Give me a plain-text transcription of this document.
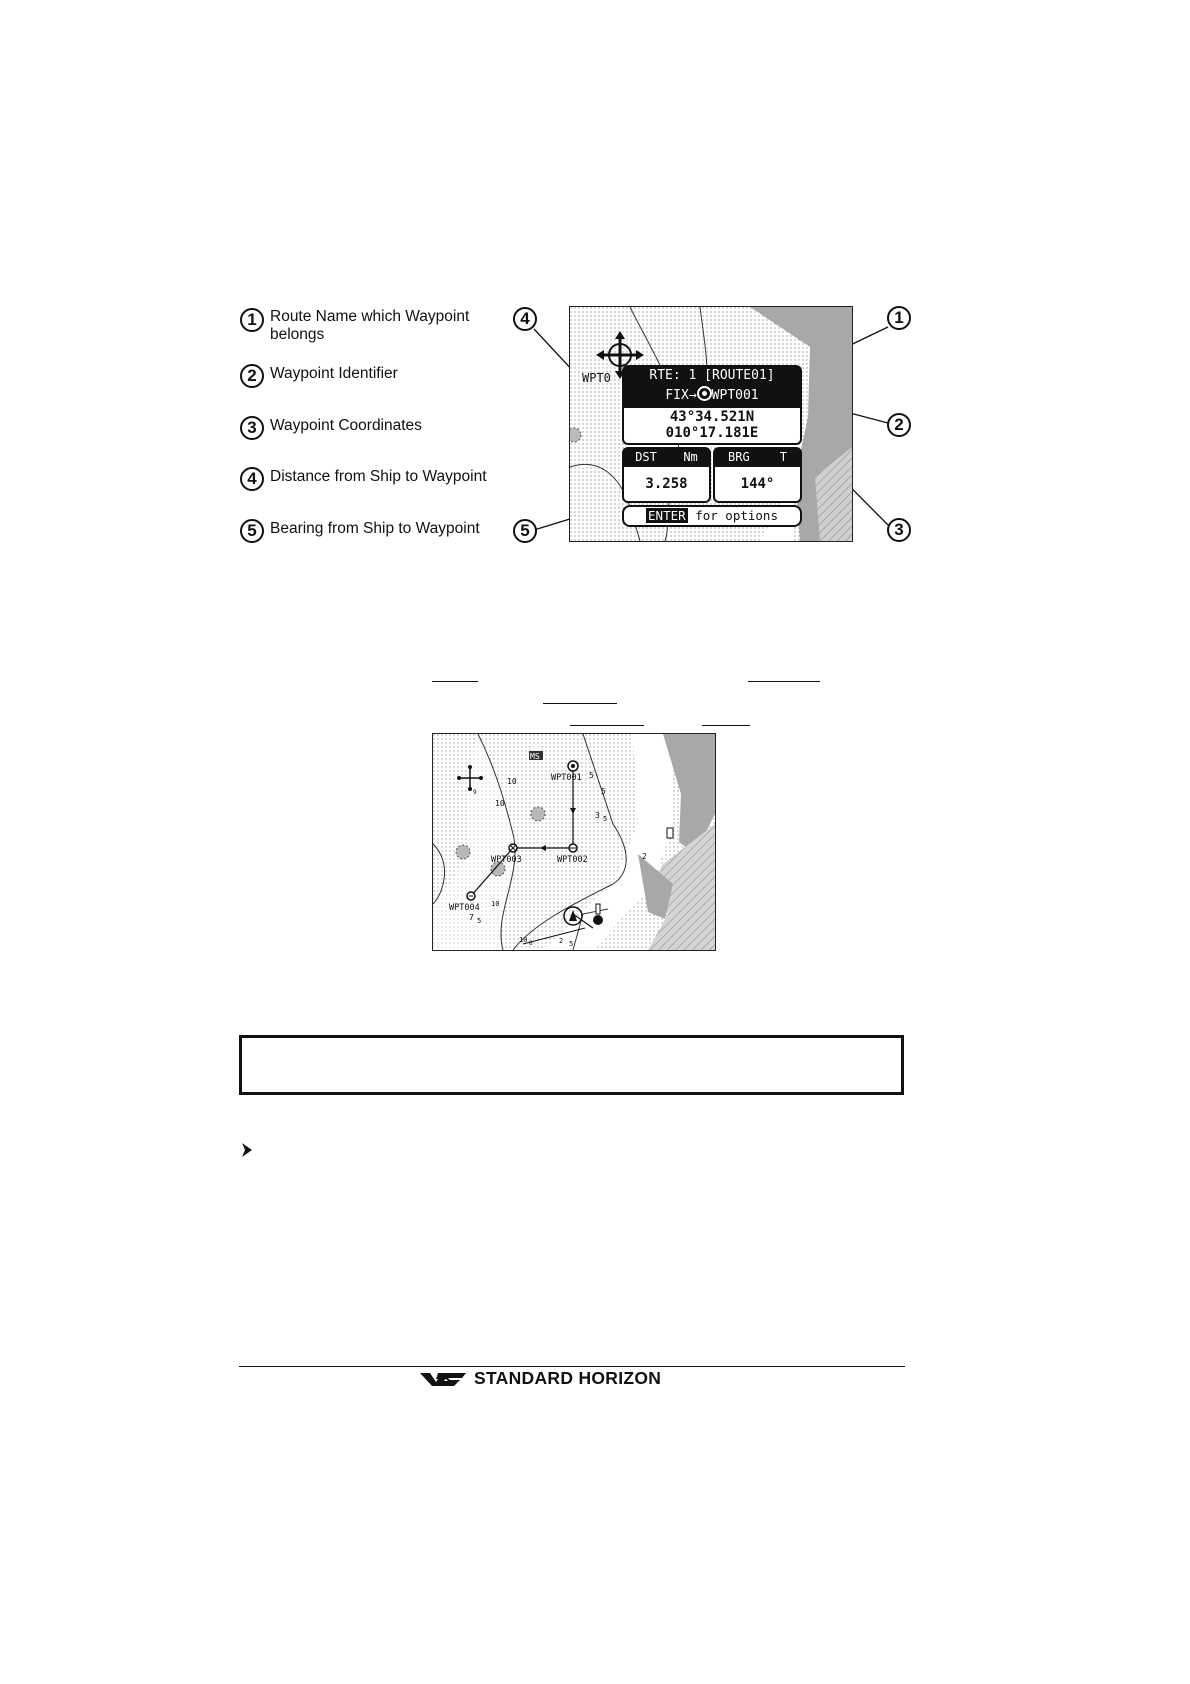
1 Route Name which Waypoint belongs
2 Waypoint Identifier
3 Waypoint Coordinates
4 Distance from Ship to Waypoint
5 Bearing from Ship to Waypoint
WPT0	RTE: 1 [ROUTE01]
FIX→ WPT001
43°34.521N
010°17.181E
DST Nm
3.258
BRG	T
144°
ENTER for options
4
5
1
2
3
MS
WPT001
WPT002
WPT003
WPT004
10
10
5
5
3 5
2
10
7 5
10 6	2 5
9
STANDARD HORIZON
